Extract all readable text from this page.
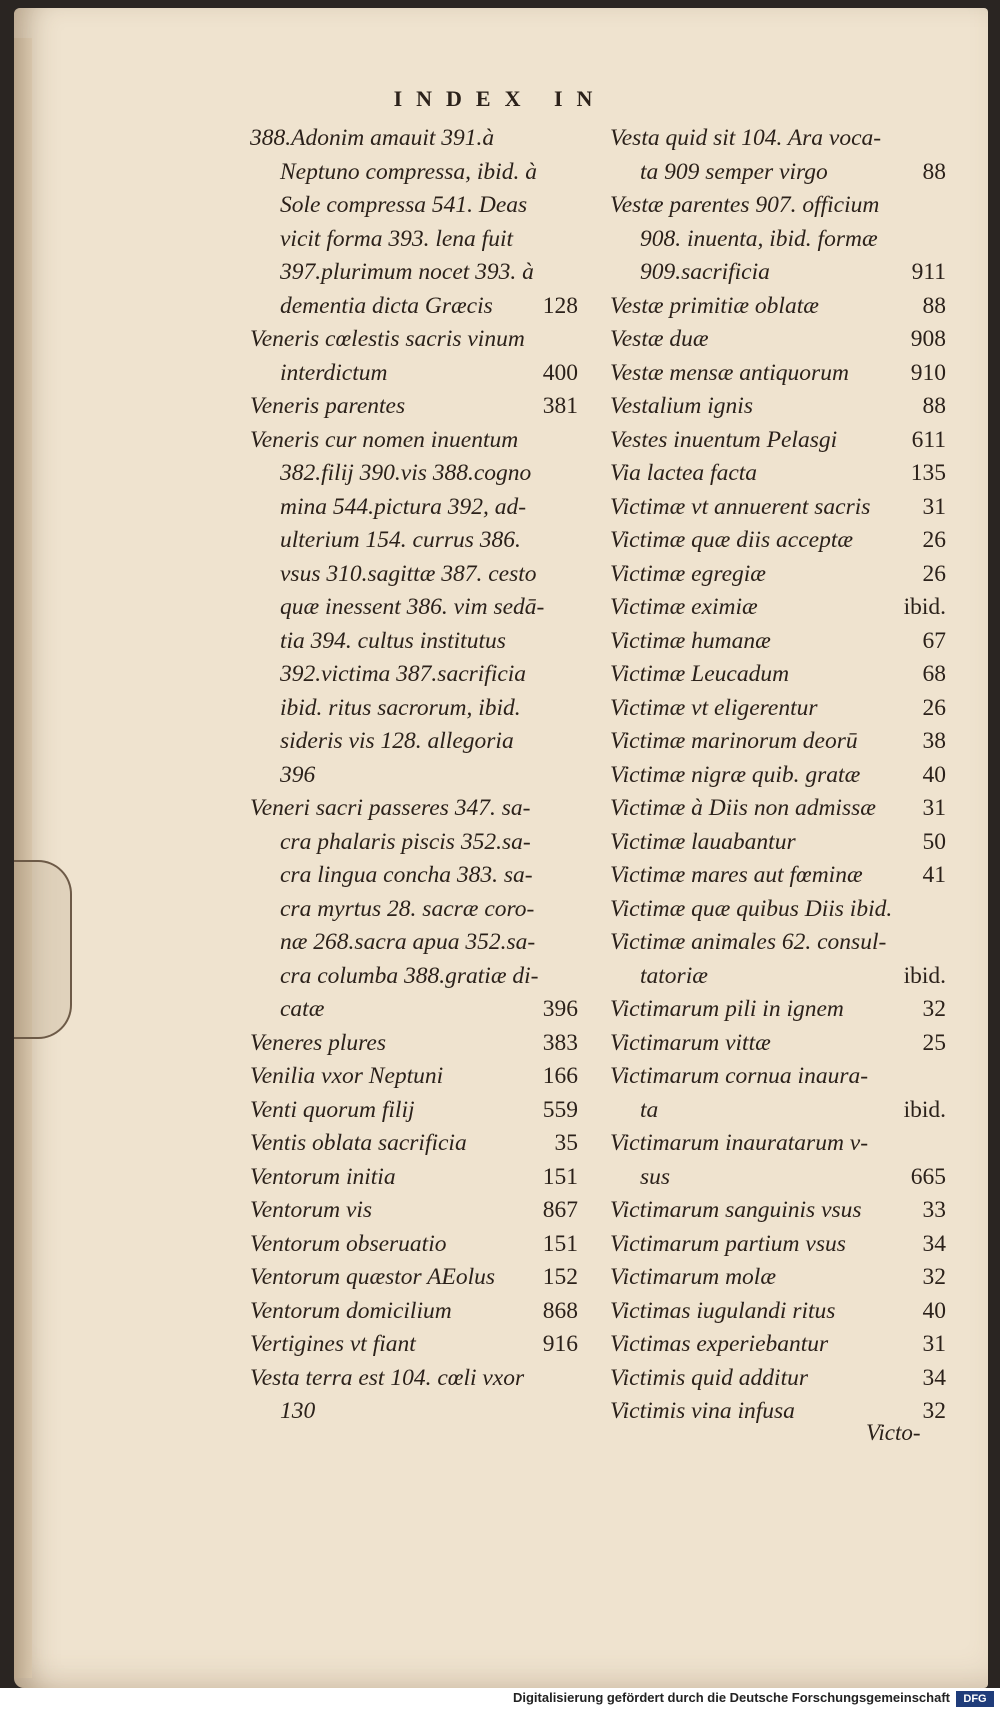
INDEX IN
388.Adonim amauit 391.à
Neptuno compressa, ibid. à
Sole compressa 541. Deas
vicit forma 393. lena fuit
397.plurimum nocet 393. à
dementia dicta Græcis 128
Veneris cœlestis sacris vinum
interdictum	400
Veneris parentes	381
Veneris cur nomen inuentum
382.filij 390.vis 388.cogno
mina 544.pictura 392, ad-
ulterium 154. currus 386.
vsus 310.sagittæ 387. cesto
quæ inessent 386. vim sedā-
tia 394. cultus institutus
392.victima 387.sacrificia
ibid. ritus sacrorum, ibid.
sideris vis 128. allegoria
396
Veneri sacri passeres 347. sa-
cra phalaris piscis 352.sa-
cra lingua concha 383. sa-
cra myrtus 28. sacræ coro-
næ 268.sacra apua 352.sa-
cra columba 388.gratiæ di-
catæ	396
Veneres plures	383
Venilia vxor Neptuni	166
Venti quorum filij	559
Ventis oblata sacrificia	35
Ventorum initia	151
Ventorum vis	867
Ventorum obseruatio	151
Ventorum quæstor AEolus 152
Ventorum domicilium	868
Vertigines vt fiant	916
Vesta terra est 104. cœli vxor
130
Vesta quid sit 104. Ara voca-
ta 909 semper virgo	88
Vestæ parentes 907. officium
908. inuenta, ibid. formæ
909.sacrificia	911
Vestæ primitiæ oblatæ	88
Vestæ duæ	908
Vestæ mensæ antiquorum	910
Vestalium ignis	88
Vestes inuentum Pelasgi	611
Via lactea facta	135
Victimæ vt annuerent sacris 31
Victimæ quæ diis acceptæ	26
Victimæ egregiæ	26
Victimæ eximiæ	ibid.
Victimæ humanæ	67
Victimæ Leucadum	68
Victimæ vt eligerentur	26
Victimæ marinorum deorū	38
Victimæ nigræ quib. gratæ	40
Victimæ à Diis non admissæ 31
Victimæ lauabantur	50
Victimæ mares aut fœminæ	41
Victimæ quæ quibus Diis ibid.
Victimæ animales 62. consul-
tatoriæ	ibid.
Victimarum pili in ignem	32
Victimarum vittæ	25
Victimarum cornua inaura-
ta	ibid.
Victimarum inauratarum v-
sus	665
Victimarum sanguinis vsus	33
Victimarum partium vsus	34
Victimarum molæ	32
Victimas iugulandi ritus	40
Victimas experiebantur	31
Victimis quid additur	34
Victimis vina infusa	32
Victo-
Digitalisierung gefördert durch die Deutsche Forschungsgemeinschaft	DFG
